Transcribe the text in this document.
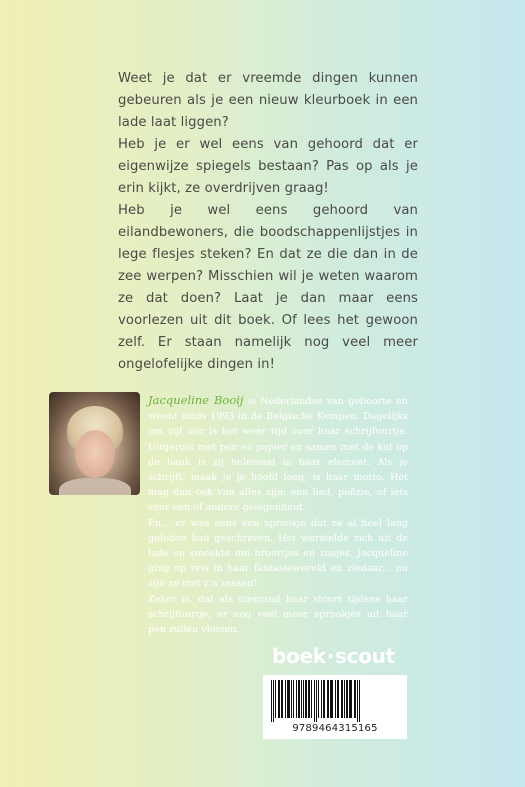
Weet je dat er vreemde dingen kunnen gebeuren als je een nieuw kleurboek in een lade laat liggen?

Heb je er wel eens van gehoord dat er eigenwijze spiegels bestaan? Pas op als je erin kijkt, ze overdrijven graag!

Heb je wel eens gehoord van eilandbewoners, die boodschappenlijstjes in lege flesjes steken? En dat ze die dan in de zee werpen? Misschien wil je weten waarom ze dat doen? Laat je dan maar eens voorlezen uit dit boek. Of lees het gewoon zelf. Er staan namelijk nog veel meer ongelofelijke dingen in!

Jacqueline Booij is Nederlandse van geboorte en woont sinds 1993 in de Belgische Kempen. Dagelijks om vijf uur is het weer tijd voor haar schrijfuurtje. Uitgerust met pen en papier en samen met de kat op de bank is zij helemaal in haar element. Als je schrijft, maak je je hoofd leeg, is haar motto. Het mag dan ook van alles zijn: een lied, poëzie, of iets voor een of andere gelegenheid.

En... er was eens een sprookje dat ze al heel lang geleden had geschreven. Het worstelde zich uit de lade en smeekte om broertjes en zusjes. Jacqueline ging op reis in haar fantasiewereld en ziedaar... nu zijn ze met z'n zessen!

Zeker is, dat als niemand haar stoort tijdens haar schrijfuurtje, er nog veel meer sprookjes uit haar pen zullen vloeien.

boek·scout
9789464315165
